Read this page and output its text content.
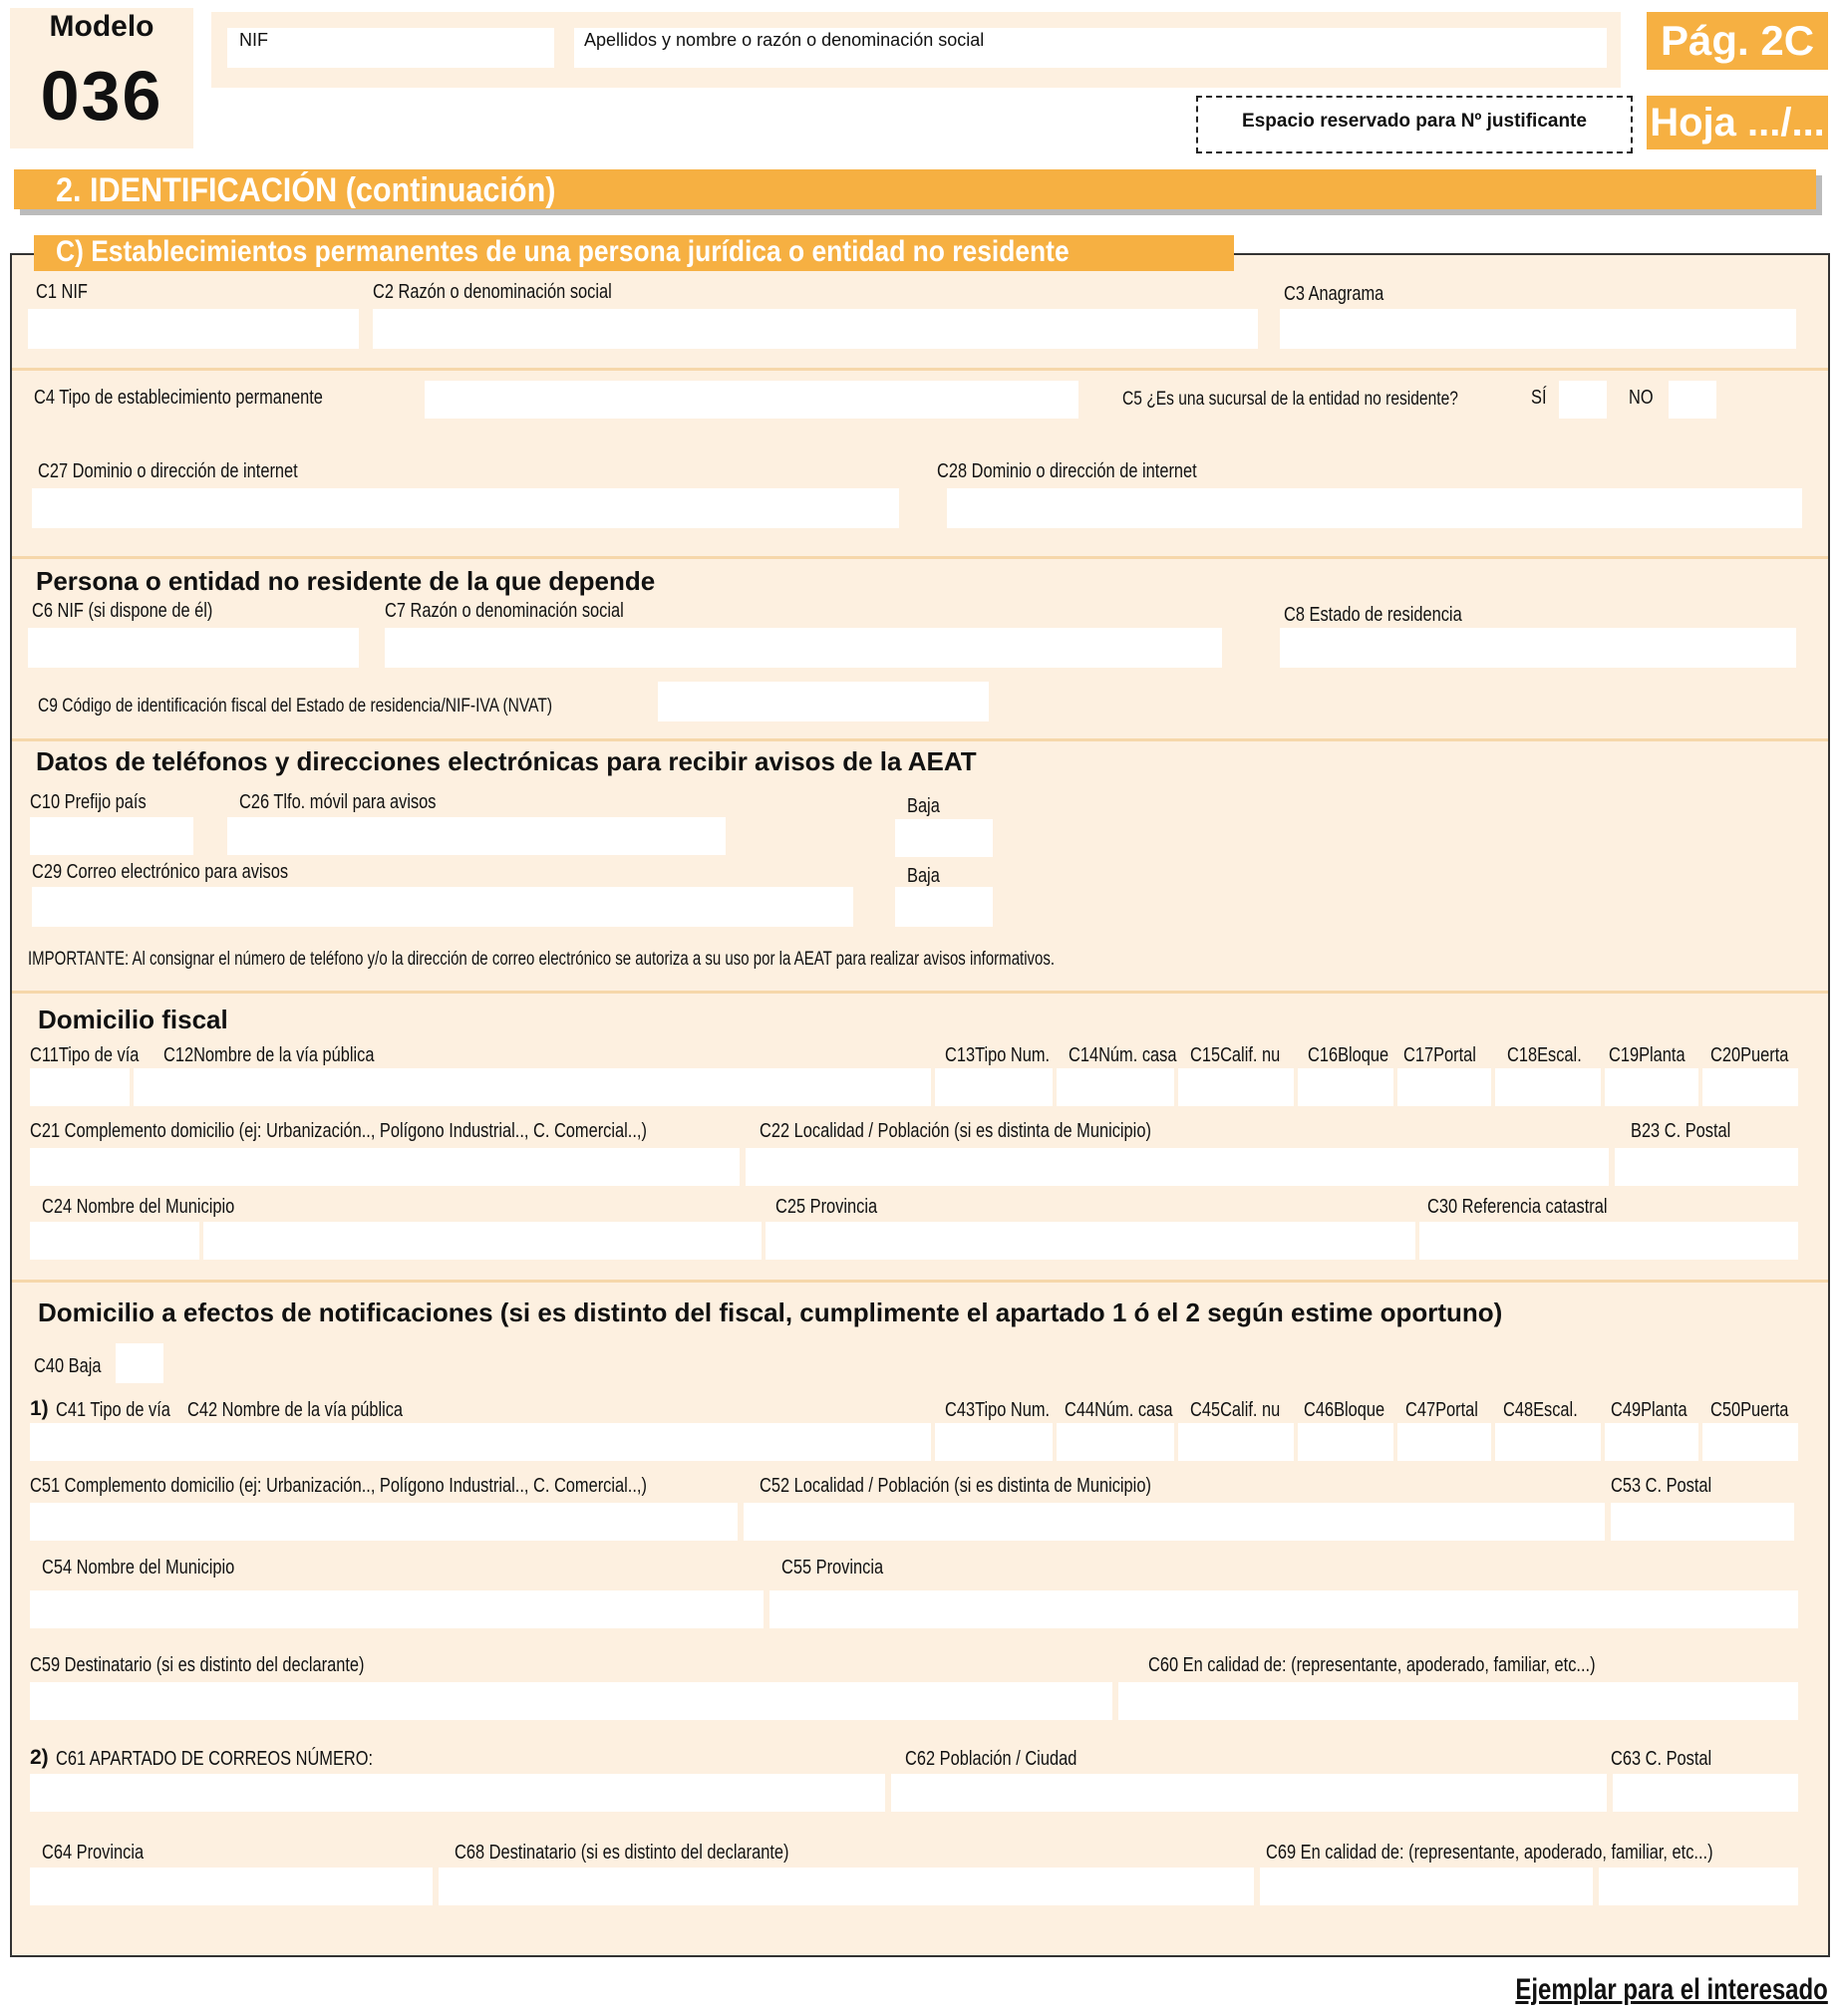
Modelo
036
NIF	Apellidos y nombre o razón o denominación social	Pág. 2C
Hoja .../...
Espacio reservado para Nº justificante
2. IDENTIFICACIÓN (continuación)
C) Establecimientos permanentes de una persona jurídica o entidad no residente
C1 NIF	C2 Razón o denominación social	C3 Anagrama
C4 Tipo de establecimiento permanente	C5 ¿Es una sucursal de la entidad no residente?	SÍ	NO
C27 Dominio o dirección de internet	C28 Dominio o dirección de internet
Persona o entidad no residente de la que depende
C6 NIF (si dispone de él)	C7 Razón o denominación social	C8 Estado de residencia
C9 Código de identificación fiscal del Estado de residencia/NIF-IVA (NVAT)
Datos de teléfonos y direcciones electrónicas para recibir avisos de la AEAT
C10 Prefijo país	C26 Tlfo. móvil para avisos	Baja
C29 Correo electrónico para avisos	Baja
IMPORTANTE: Al consignar el número de teléfono y/o la dirección de correo electrónico se autoriza a su uso por la AEAT para realizar avisos informativos.
Domicilio fiscal
C11Tipo de vía C12Nombre de la vía pública	C13Tipo Num. C14Núm. casa C15Calif. nu C16Bloque C17Portal C18Escal. C19Planta C20Puerta
C21 Complemento domicilio (ej: Urbanización.., Polígono Industrial.., C. Comercial..,)	C22 Localidad / Población (si es distinta de Municipio)	B23 C. Postal
C24 Nombre del Municipio	C25 Provincia	C30 Referencia catastral
Domicilio a efectos de notificaciones (si es distinto del fiscal, cumplimente el apartado 1 ó el 2 según estime oportuno)
C40 Baja
1) C41 Tipo de vía C42 Nombre de la vía pública	C43Tipo Num. C44Núm. casa C45Calif. nu C46Bloque C47Portal C48Escal. C49Planta C50Puerta
C51 Complemento domicilio (ej: Urbanización.., Polígono Industrial.., C. Comercial..,)	C52 Localidad / Población (si es distinta de Municipio)	C53 C. Postal
C54 Nombre del Municipio	C55 Provincia
C59 Destinatario (si es distinto del declarante)	C60 En calidad de: (representante, apoderado, familiar, etc...)
2) C61 APARTADO DE CORREOS NÚMERO:	C62 Población / Ciudad	C63 C. Postal
C64 Provincia	C68 Destinatario (si es distinto del declarante)	C69 En calidad de: (representante, apoderado, familiar, etc...)
Ejemplar para el interesado
